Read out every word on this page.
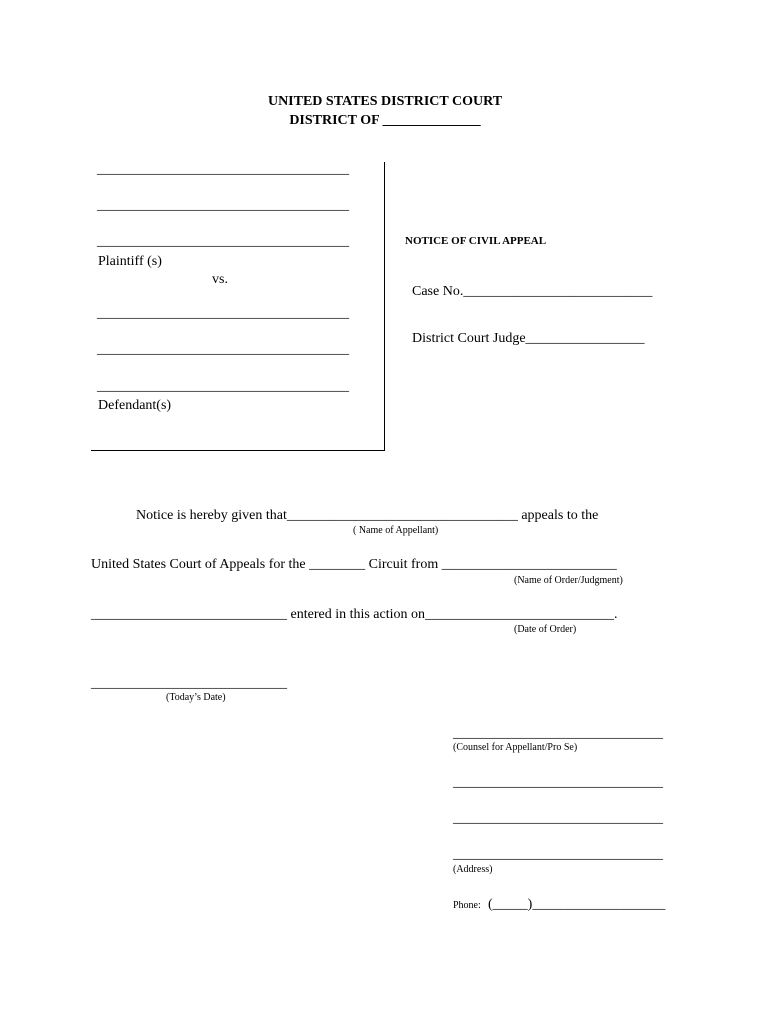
UNITED STATES DISTRICT COURT
DISTRICT OF ______________
____________________________________
____________________________________
____________________________________
Plaintiff (s)
vs.
____________________________________
____________________________________
____________________________________
Defendant(s)
NOTICE OF CIVIL APPEAL
Case No.___________________________
District Court Judge_________________
Notice is hereby given that_________________________________ appeals to the
( Name of Appellant)
United States Court of Appeals for the ________ Circuit from _________________________
(Name of Order/Judgment)
____________________________ entered in this action on___________________________.
(Date of Order)
____________________________
(Today’s Date)
______________________________
(Counsel for Appellant/Pro Se)
______________________________
______________________________
______________________________
(Address)
Phone: (_____)___________________
